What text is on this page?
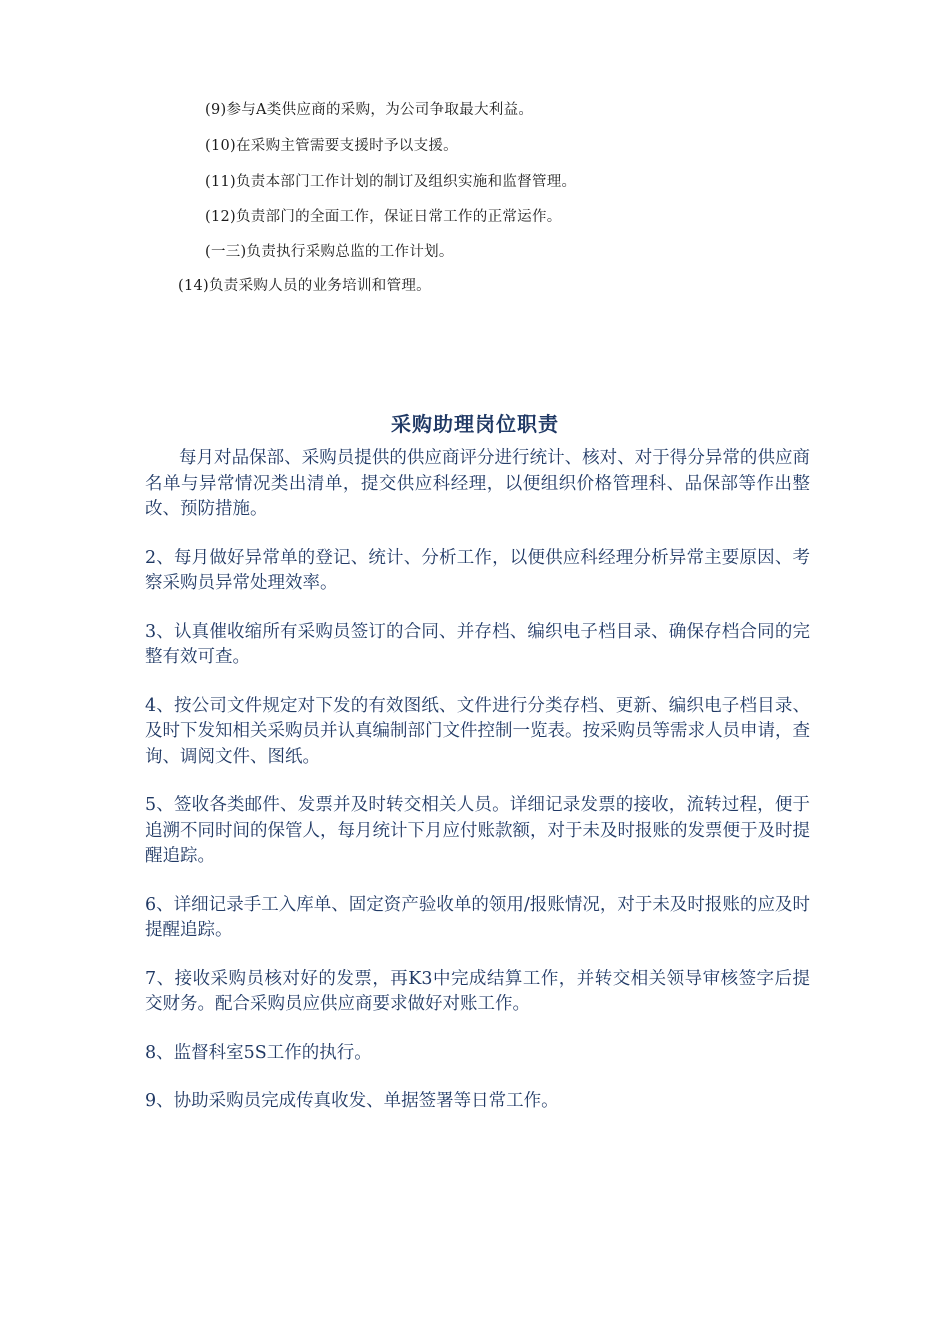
(9)参与A类供应商的采购，为公司争取最大利益。
(10)在采购主管需要支援时予以支援。
(11)负责本部门工作计划的制订及组织实施和监督管理。
(12)负责部门的全面工作，保证日常工作的正常运作。
(一三)负责执行采购总监的工作计划。
(14)负责采购人员的业务培训和管理。
采购助理岗位职责

每月对品保部、采购员提供的供应商评分进行统计、核对、对于得分异常的供应商名单与异常情况类出清单，提交供应科经理，以便组织价格管理科、品保部等作出整改、预防措施。

2、每月做好异常单的登记、统计、分析工作，以便供应科经理分析异常主要原因、考察采购员异常处理效率。

3、认真催收缩所有采购员签订的合同、并存档、编织电子档目录、确保存档合同的完整有效可查。

4、按公司文件规定对下发的有效图纸、文件进行分类存档、更新、编织电子档目录、及时下发知相关采购员并认真编制部门文件控制一览表。按采购员等需求人员申请，查询、调阅文件、图纸。

5、签收各类邮件、发票并及时转交相关人员。详细记录发票的接收，流转过程，便于追溯不同时间的保管人，每月统计下月应付账款额，对于未及时报账的发票便于及时提醒追踪。

6、详细记录手工入库单、固定资产验收单的领用/报账情况，对于未及时报账的应及时提醒追踪。

7、接收采购员核对好的发票，再K3中完成结算工作，并转交相关领导审核签字后提交财务。配合采购员应供应商要求做好对账工作。

8、监督科室5S工作的执行。

9、协助采购员完成传真收发、单据签署等日常工作。
